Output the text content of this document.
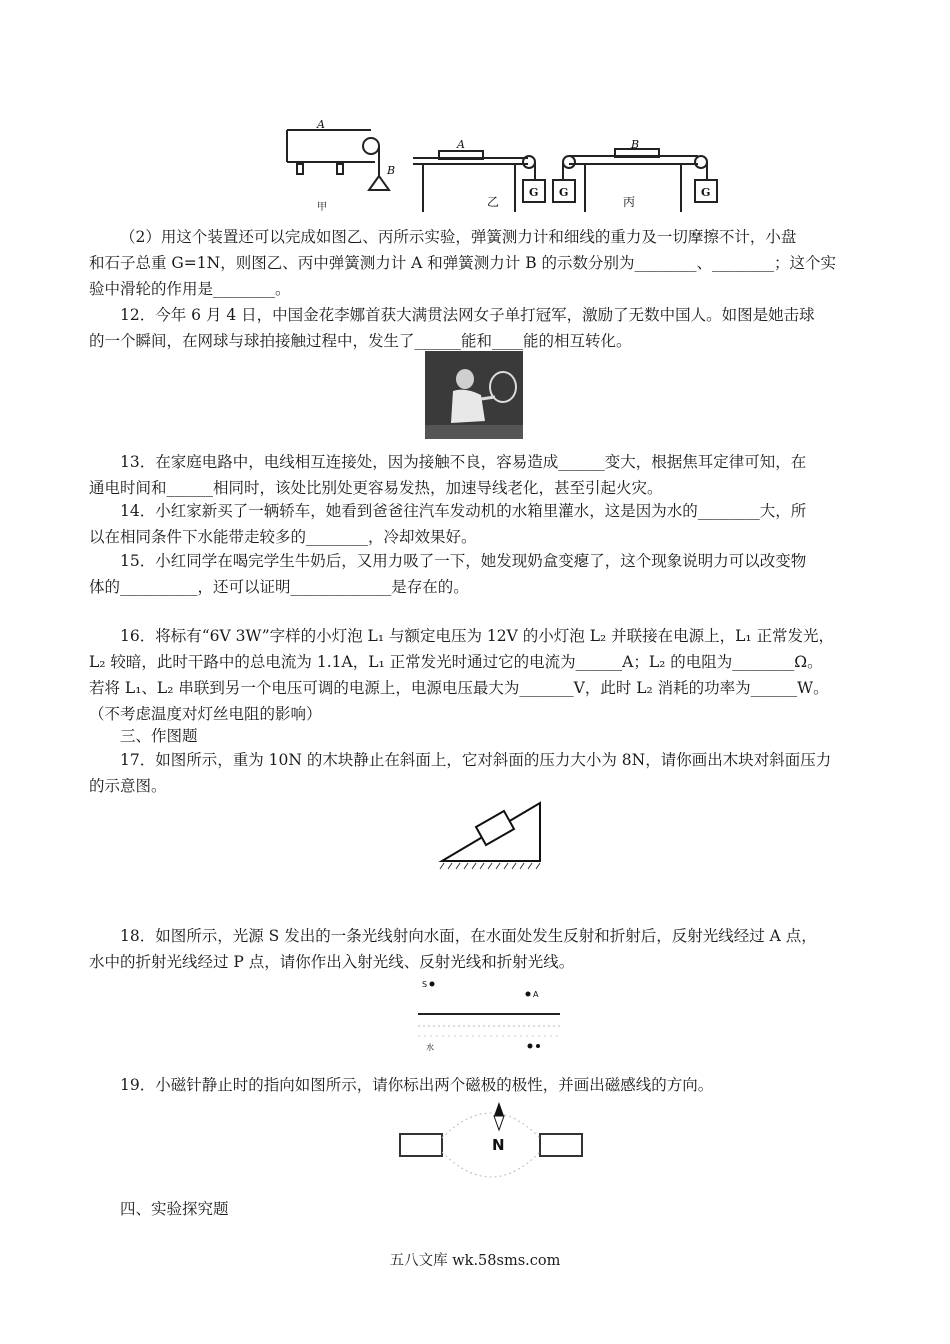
A
B
A	B
G G	G
甲	乙	丙
（2）用这个装置还可以完成如图乙、丙所示实验，弹簧测力计和细线的重力及一切摩擦不计，小盘
和石子总重 G=1N，则图乙、丙中弹簧测力计 A 和弹簧测力计 B 的示数分别为________、________；这个实
验中滑轮的作用是________。
12．今年 6 月 4 日，中国金花李娜首获大满贯法网女子单打冠军，激励了无数中国人。如图是她击球
的一个瞬间，在网球与球拍接触过程中，发生了______能和____能的相互转化。
13．在家庭电路中，电线相互连接处，因为接触不良，容易造成______变大，根据焦耳定律可知，在
通电时间和______相同时，该处比别处更容易发热，加速导线老化，甚至引起火灾。
14．小红家新买了一辆轿车，她看到爸爸往汽车发动机的水箱里灌水，这是因为水的________大，所
以在相同条件下水能带走较多的________，冷却效果好。
15．小红同学在喝完学生牛奶后，又用力吸了一下，她发现奶盒变瘪了，这个现象说明力可以改变物
体的__________，还可以证明_____________是存在的。
16．将标有“6V 3W”字样的小灯泡 L₁ 与额定电压为 12V 的小灯泡 L₂ 并联接在电源上，L₁ 正常发光，
L₂ 较暗，此时干路中的总电流为 1.1A，L₁ 正常发光时通过它的电流为______A；L₂ 的电阻为________Ω。
若将 L₁、L₂ 串联到另一个电压可调的电源上，电源电压最大为_______V，此时 L₂ 消耗的功率为______W。
（不考虑温度对灯丝电阻的影响）
三、作图题
17．如图所示，重为 10N 的木块静止在斜面上，它对斜面的压力大小为 8N，请你画出木块对斜面压力
的示意图。
18．如图所示，光源 S 发出的一条光线射向水面，在水面处发生反射和折射后，反射光线经过 A 点，
水中的折射光线经过 P 点，请你作出入射光线、反射光线和折射光线。
S
A
水
19．小磁针静止时的指向如图所示，请你标出两个磁极的极性，并画出磁感线的方向。
N
四、实验探究题
五八文库 wk.58sms.com
